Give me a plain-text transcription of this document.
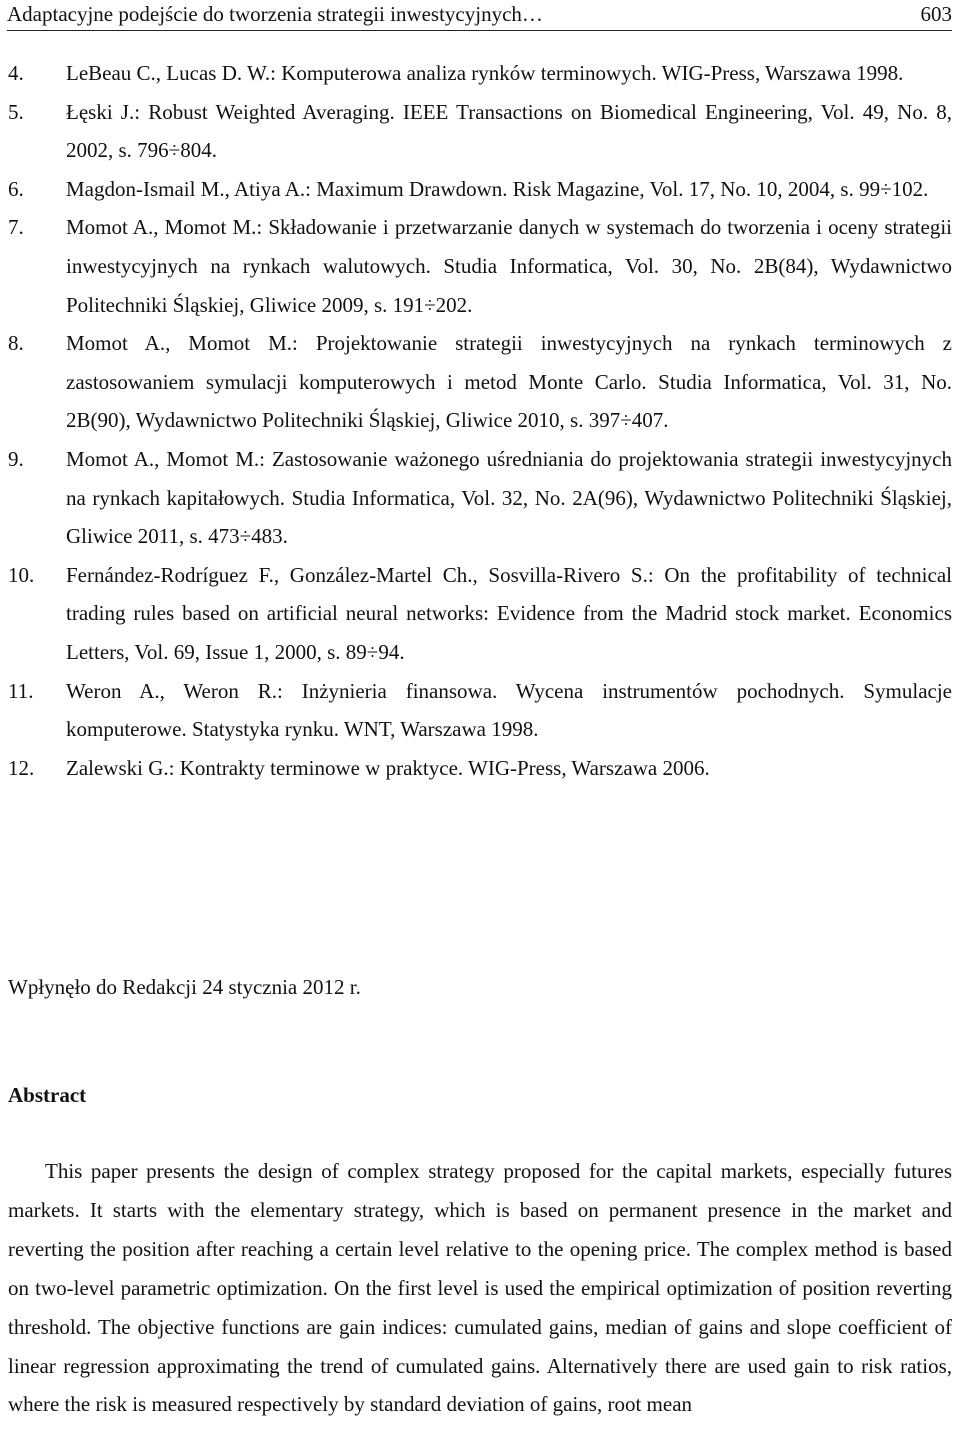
Adaptacyjne podejście do tworzenia strategii inwestycyjnych…	603
4. LeBeau C., Lucas D. W.: Komputerowa analiza rynków terminowych. WIG-Press, Warszawa 1998.
5. Łęski J.: Robust Weighted Averaging. IEEE Transactions on Biomedical Engineering, Vol. 49, No. 8, 2002, s. 796÷804.
6. Magdon-Ismail M., Atiya A.: Maximum Drawdown. Risk Magazine, Vol. 17, No. 10, 2004, s. 99÷102.
7. Momot A., Momot M.: Składowanie i przetwarzanie danych w systemach do tworzenia i oceny strategii inwestycyjnych na rynkach walutowych. Studia Informatica, Vol. 30, No. 2B(84), Wydawnictwo Politechniki Śląskiej, Gliwice 2009, s. 191÷202.
8. Momot A., Momot M.: Projektowanie strategii inwestycyjnych na rynkach terminowych z zastosowaniem symulacji komputerowych i metod Monte Carlo. Studia Informatica, Vol. 31, No. 2B(90), Wydawnictwo Politechniki Śląskiej, Gliwice 2010, s. 397÷407.
9. Momot A., Momot M.: Zastosowanie ważonego uśredniania do projektowania strategii inwestycyjnych na rynkach kapitałowych. Studia Informatica, Vol. 32, No. 2A(96), Wydawnictwo Politechniki Śląskiej, Gliwice 2011, s. 473÷483.
10. Fernández-Rodríguez F., González-Martel Ch., Sosvilla-Rivero S.: On the profitability of technical trading rules based on artificial neural networks: Evidence from the Madrid stock market. Economics Letters, Vol. 69, Issue 1, 2000, s. 89÷94.
11. Weron A., Weron R.: Inżynieria finansowa. Wycena instrumentów pochodnych. Symulacje komputerowe. Statystyka rynku. WNT, Warszawa 1998.
12. Zalewski G.: Kontrakty terminowe w praktyce. WIG-Press, Warszawa 2006.
Wpłynęło do Redakcji 24 stycznia 2012 r.
Abstract
This paper presents the design of complex strategy proposed for the capital markets, especially futures markets. It starts with the elementary strategy, which is based on permanent presence in the market and reverting the position after reaching a certain level relative to the opening price. The complex method is based on two-level parametric optimization. On the first level is used the empirical optimization of position reverting threshold. The objective functions are gain indices: cumulated gains, median of gains and slope coefficient of linear regression approximating the trend of cumulated gains. Alternatively there are used gain to risk ratios, where the risk is measured respectively by standard deviation of gains, root mean
